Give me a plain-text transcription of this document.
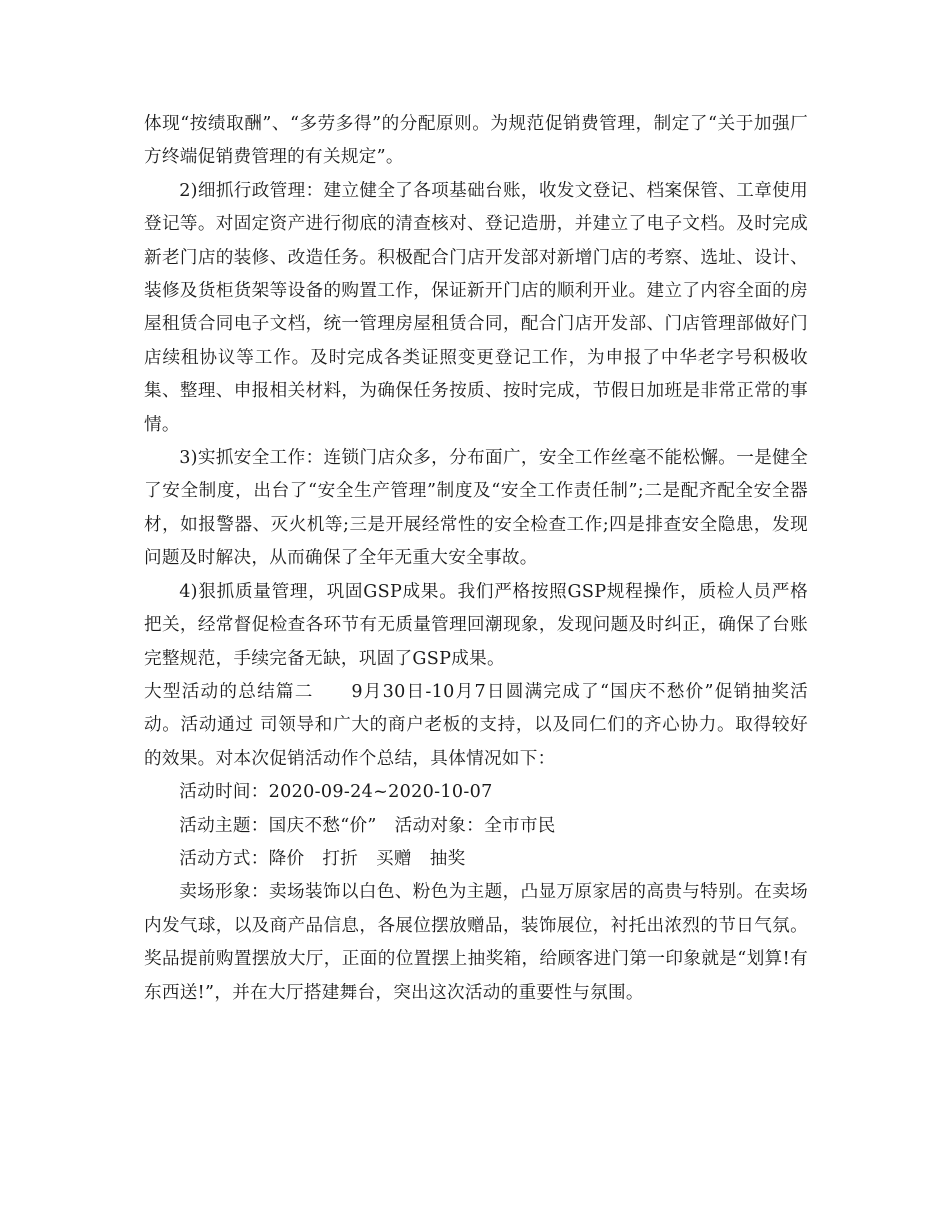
体现“按绩取酬”、“多劳多得”的分配原则。为规范促销费管理，制定了“关于加强厂方终端促销费管理的有关规定”。

2)细抓行政管理：建立健全了各项基础台账，收发文登记、档案保管、工章使用登记等。对固定资产进行彻底的清查核对、登记造册，并建立了电子文档。及时完成新老门店的装修、改造任务。积极配合门店开发部对新增门店的考察、选址、设计、装修及货柜货架等设备的购置工作，保证新开门店的顺利开业。建立了内容全面的房屋租赁合同电子文档，统一管理房屋租赁合同，配合门店开发部、门店管理部做好门店续租协议等工作。及时完成各类证照变更登记工作，为申报了中华老字号积极收集、整理、申报相关材料，为确保任务按质、按时完成，节假日加班是非常正常的事情。

3)实抓安全工作：连锁门店众多，分布面广，安全工作丝毫不能松懈。一是健全了安全制度，出台了“安全生产管理”制度及“安全工作责任制”;二是配齐配全安全器材，如报警器、灭火机等;三是开展经常性的安全检查工作;四是排查安全隐患，发现问题及时解决，从而确保了全年无重大安全事故。

4)狠抓质量管理，巩固GSP成果。我们严格按照GSP规程操作，质检人员严格把关，经常督促检查各环节有无质量管理回潮现象，发现问题及时纠正，确保了台账完整规范，手续完备无缺，巩固了GSP成果。

大型活动的总结篇二　　9月30日-10月7日圆满完成了“国庆不愁价”促销抽奖活动。活动通过 司领导和广大的商户老板的支持，以及同仁们的齐心协力。取得较好的效果。对本次促销活动作个总结，具体情况如下：

活动时间：2020-09-24~2020-10-07

活动主题：国庆不愁“价”　活动对象：全市市民

活动方式：降价　打折　买赠　抽奖

卖场形象：卖场装饰以白色、粉色为主题，凸显万原家居的高贵与特别。在卖场内发气球，以及商产品信息，各展位摆放赠品，装饰展位，衬托出浓烈的节日气氛。奖品提前购置摆放大厅，正面的位置摆上抽奖箱，给顾客进门第一印象就是“划算!有东西送!”，并在大厅搭建舞台，突出这次活动的重要性与氛围。
